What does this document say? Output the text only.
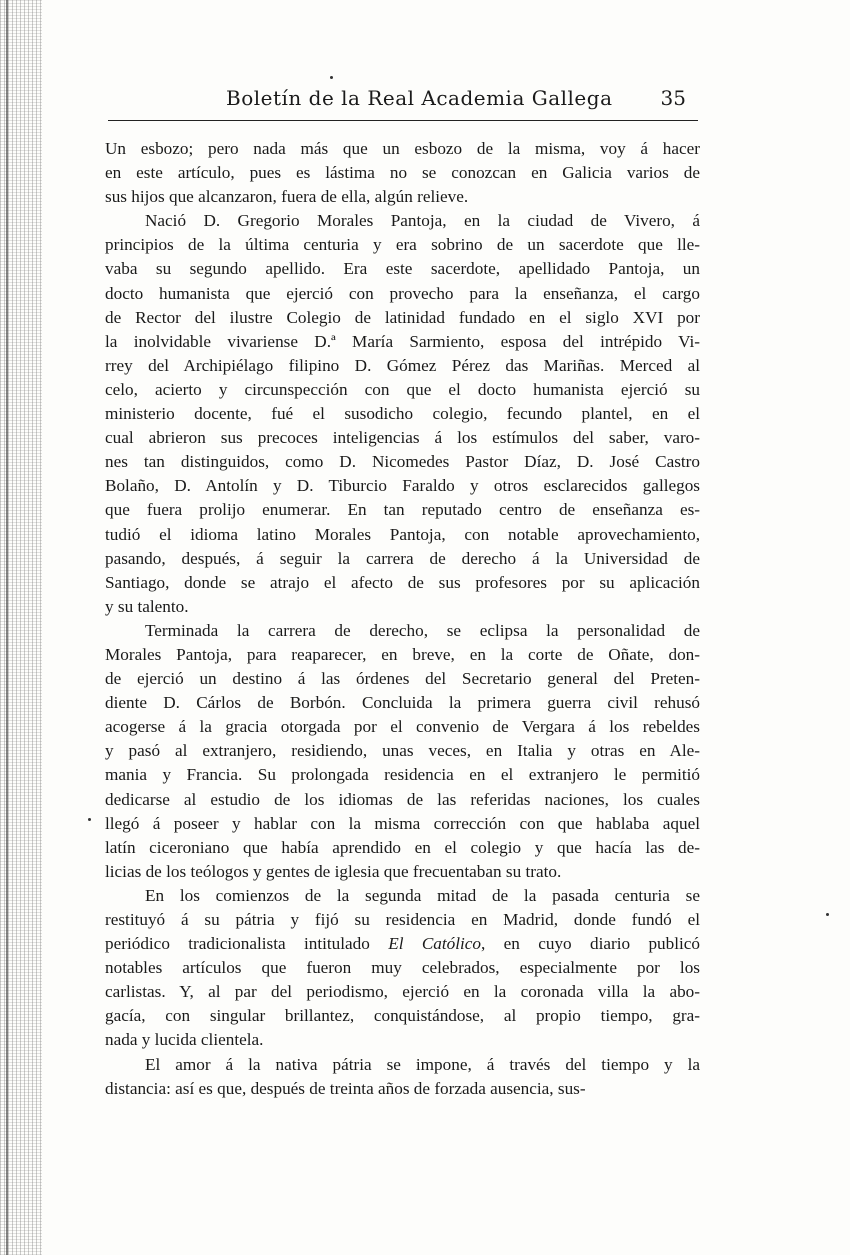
Boletín de la Real Academia Gallega 35
Un esbozo; pero nada más que un esbozo de la misma, voy á hacer
en este artículo, pues es lástima no se conozcan en Galicia varios de
sus hijos que alcanzaron, fuera de ella, algún relieve.
Nació D. Gregorio Morales Pantoja, en la ciudad de Vivero, á
principios de la última centuria y era sobrino de un sacerdote que lle-
vaba su segundo apellido. Era este sacerdote, apellidado Pantoja, un
docto humanista que ejerció con provecho para la enseñanza, el cargo
de Rector del ilustre Colegio de latinidad fundado en el siglo XVI por
la inolvidable vivariense D.ª María Sarmiento, esposa del intrépido Vi-
rrey del Archipiélago filipino D. Gómez Pérez das Mariñas. Merced al
celo, acierto y circunspección con que el docto humanista ejerció su
ministerio docente, fué el susodicho colegio, fecundo plantel, en el
cual abrieron sus precoces inteligencias á los estímulos del saber, varo-
nes tan distinguidos, como D. Nicomedes Pastor Díaz, D. José Castro
Bolaño, D. Antolín y D. Tiburcio Faraldo y otros esclarecidos gallegos
que fuera prolijo enumerar. En tan reputado centro de enseñanza es-
tudió el idioma latino Morales Pantoja, con notable aprovechamiento,
pasando, después, á seguir la carrera de derecho á la Universidad de
Santiago, donde se atrajo el afecto de sus profesores por su aplicación
y su talento.
Terminada la carrera de derecho, se eclipsa la personalidad de
Morales Pantoja, para reaparecer, en breve, en la corte de Oñate, don-
de ejerció un destino á las órdenes del Secretario general del Preten-
diente D. Cárlos de Borbón. Concluida la primera guerra civil rehusó
acogerse á la gracia otorgada por el convenio de Vergara á los rebeldes
y pasó al extranjero, residiendo, unas veces, en Italia y otras en Ale-
mania y Francia. Su prolongada residencia en el extranjero le permitió
dedicarse al estudio de los idiomas de las referidas naciones, los cuales
llegó á poseer y hablar con la misma corrección con que hablaba aquel
latín ciceroniano que había aprendido en el colegio y que hacía las de-
licias de los teólogos y gentes de iglesia que frecuentaban su trato.
En los comienzos de la segunda mitad de la pasada centuria se
restituyó á su pátria y fijó su residencia en Madrid, donde fundó el
periódico tradicionalista intitulado El Católico, en cuyo diario publicó
notables artículos que fueron muy celebrados, especialmente por los
carlistas. Y, al par del periodismo, ejerció en la coronada villa la abo-
gacía, con singular brillantez, conquistándose, al propio tiempo, gra-
nada y lucida clientela.
El amor á la nativa pátria se impone, á través del tiempo y la
distancia: así es que, después de treinta años de forzada ausencia, sus-
